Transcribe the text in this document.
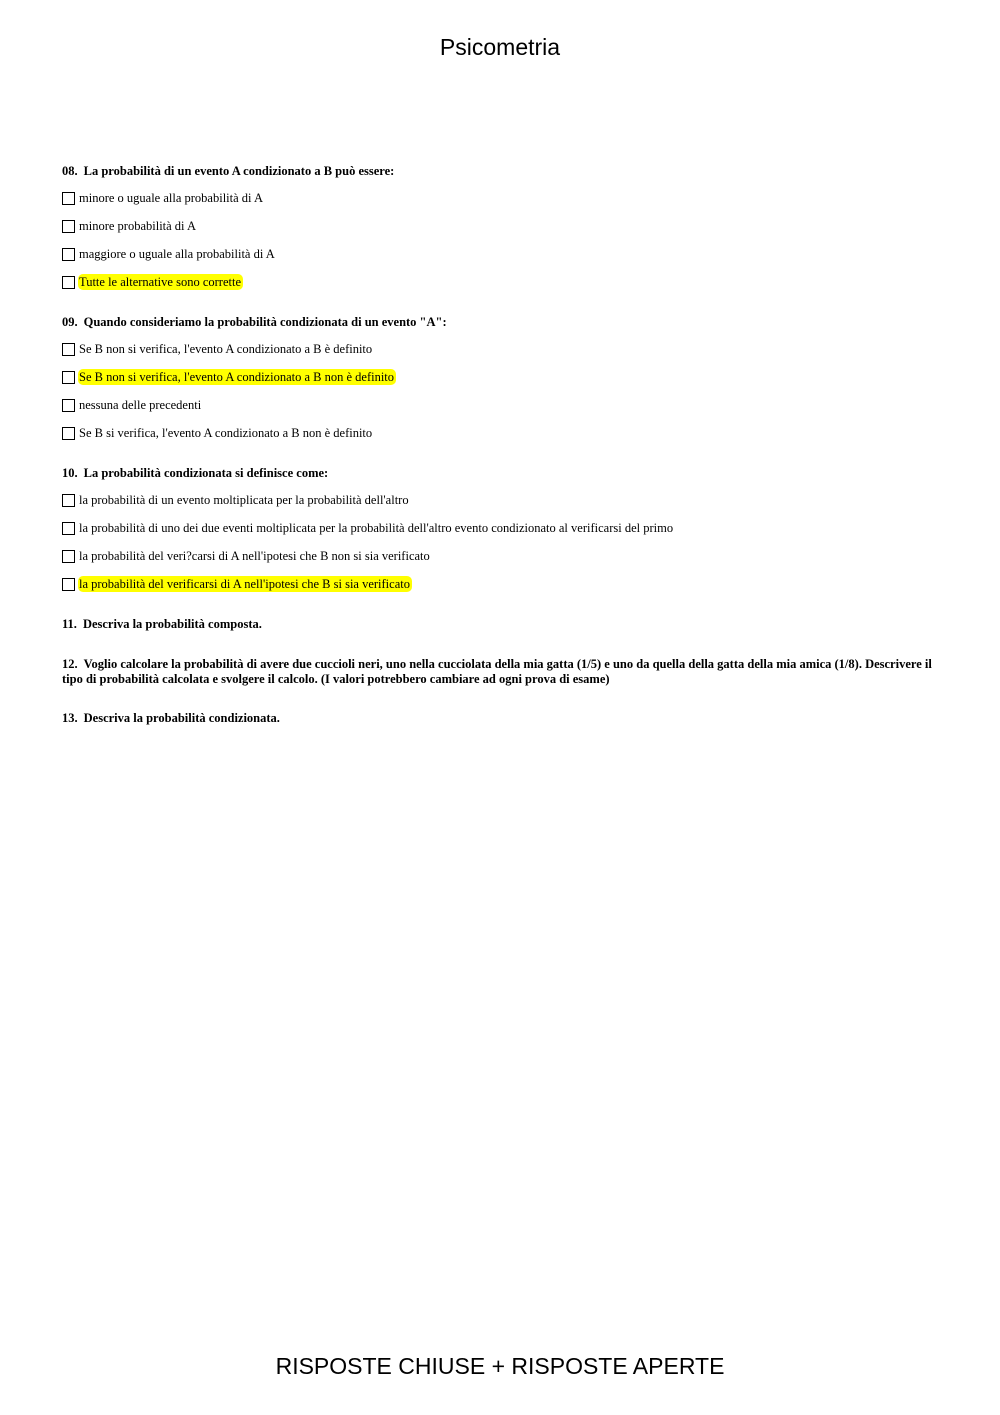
Psicometria
08. La probabilità di un evento A condizionato a B può essere:
minore o uguale alla probabilità di A
minore probabilità di A
maggiore o uguale alla probabilità di A
Tutte le alternative sono corrette
09. Quando consideriamo la probabilità condizionata di un evento "A":
Se B non si verifica, l'evento A condizionato a B è definito
Se B non si verifica, l'evento A condizionato a B non è definito
nessuna delle precedenti
Se B si verifica, l'evento A condizionato a B non è definito
10. La probabilità condizionata si definisce come:
la probabilità di un evento moltiplicata per la probabilità dell'altro
la probabilità di uno dei due eventi moltiplicata per la probabilità dell'altro evento condizionato al verificarsi del primo
la probabilità del veri?carsi di A nell'ipotesi che B non si sia verificato
la probabilità del verificarsi di A nell'ipotesi che B si sia verificato
11. Descriva la probabilità composta.
12. Voglio calcolare la probabilità di avere due cuccioli neri, uno nella cucciolata della mia gatta (1/5) e uno da quella della gatta della mia amica (1/8). Descrivere il tipo di probabilità calcolata e svolgere il calcolo. (I valori potrebbero cambiare ad ogni prova di esame)
13. Descriva la probabilità condizionata.
RISPOSTE CHIUSE + RISPOSTE APERTE
